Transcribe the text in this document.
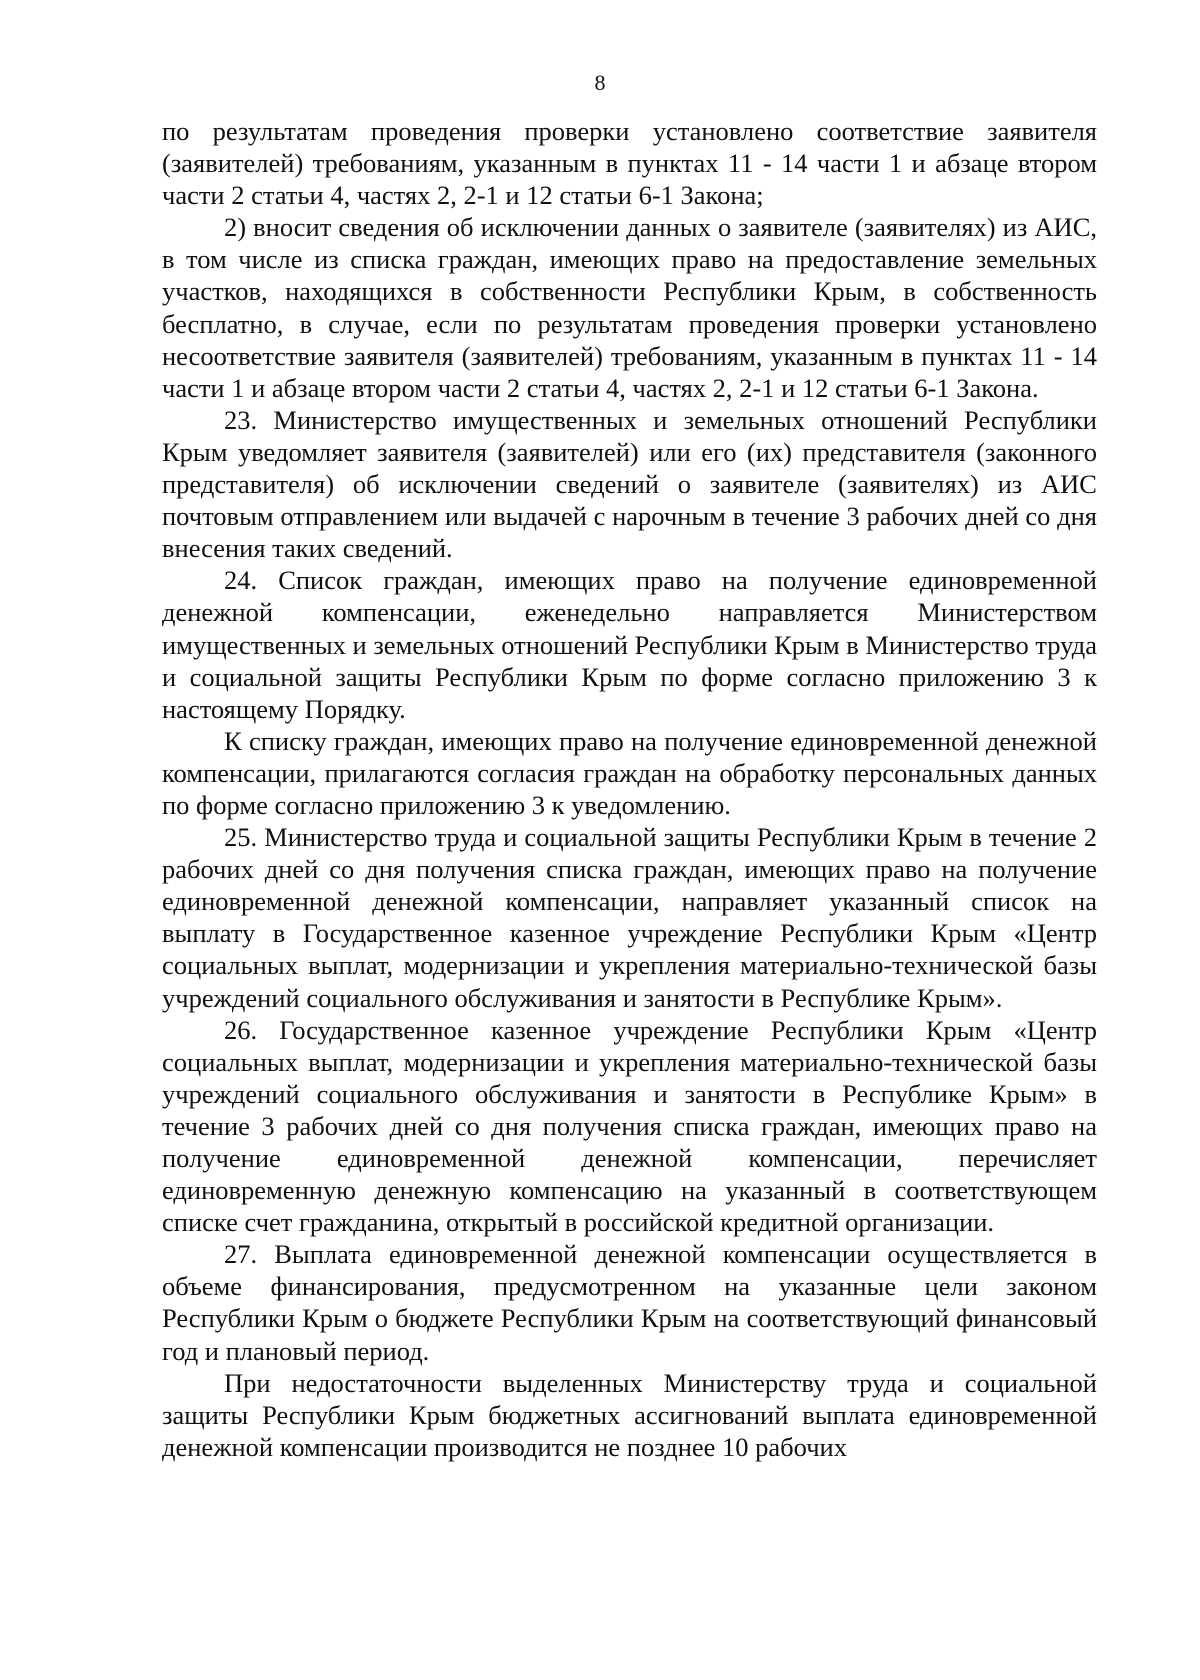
8

по результатам проведения проверки установлено соответствие заявителя (заявителей) требованиям, указанным в пунктах 11 - 14 части 1 и абзаце втором части 2 статьи 4, частях 2, 2-1 и 12 статьи 6-1 Закона;

2) вносит сведения об исключении данных о заявителе (заявителях) из АИС, в том числе из списка граждан, имеющих право на предоставление земельных участков, находящихся в собственности Республики Крым, в собственность бесплатно, в случае, если по результатам проведения проверки установлено несоответствие заявителя (заявителей) требованиям, указанным в пунктах 11 - 14 части 1 и абзаце втором части 2 статьи 4, частях 2, 2-1 и 12 статьи 6-1 Закона.

23. Министерство имущественных и земельных отношений Республики Крым уведомляет заявителя (заявителей) или его (их) представителя (законного представителя) об исключении сведений о заявителе (заявителях) из АИС почтовым отправлением или выдачей с нарочным в течение 3 рабочих дней со дня внесения таких сведений.

24. Список граждан, имеющих право на получение единовременной денежной компенсации, еженедельно направляется Министерством имущественных и земельных отношений Республики Крым в Министерство труда и социальной защиты Республики Крым по форме согласно приложению 3 к настоящему Порядку.

К списку граждан, имеющих право на получение единовременной денежной компенсации, прилагаются согласия граждан на обработку персональных данных по форме согласно приложению 3 к уведомлению.

25. Министерство труда и социальной защиты Республики Крым в течение 2 рабочих дней со дня получения списка граждан, имеющих право на получение единовременной денежной компенсации, направляет указанный список на выплату в Государственное казенное учреждение Республики Крым «Центр социальных выплат, модернизации и укрепления материально-технической базы учреждений социального обслуживания и занятости в Республике Крым».

26. Государственное казенное учреждение Республики Крым «Центр социальных выплат, модернизации и укрепления материально-технической базы учреждений социального обслуживания и занятости в Республике Крым» в течение 3 рабочих дней со дня получения списка граждан, имеющих право на получение единовременной денежной компенсации, перечисляет единовременную денежную компенсацию на указанный в соответствующем списке счет гражданина, открытый в российской кредитной организации.

27. Выплата единовременной денежной компенсации осуществляется в объеме финансирования, предусмотренном на указанные цели законом Республики Крым о бюджете Республики Крым на соответствующий финансовый год и плановый период.

При недостаточности выделенных Министерству труда и социальной защиты Республики Крым бюджетных ассигнований выплата единовременной денежной компенсации производится не позднее 10 рабочих
